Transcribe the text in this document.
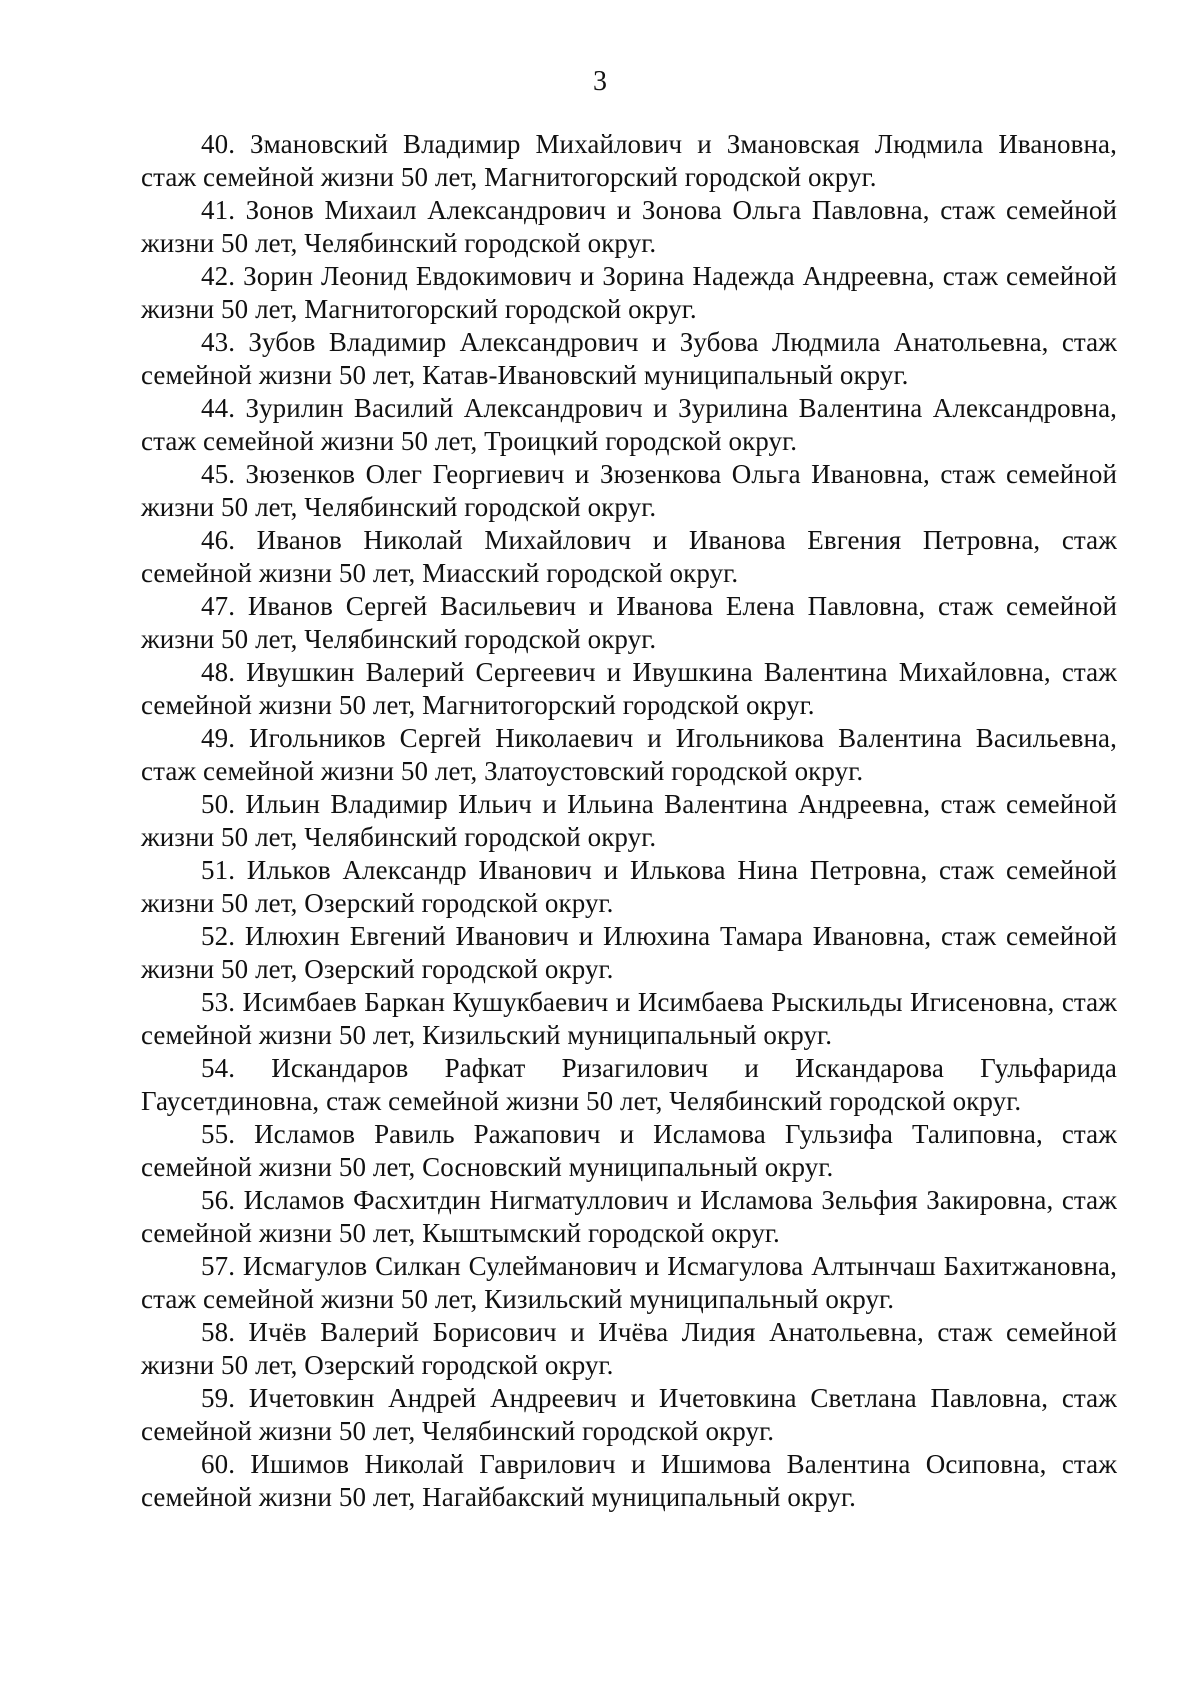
3

40. Змановский Владимир Михайлович и Змановская Людмила Ивановна, стаж семейной жизни 50 лет, Магнитогорский городской округ.

41. Зонов Михаил Александрович и Зонова Ольга Павловна, стаж семейной жизни 50 лет, Челябинский городской округ.

42. Зорин Леонид Евдокимович и Зорина Надежда Андреевна, стаж семейной жизни 50 лет, Магнитогорский городской округ.

43. Зубов Владимир Александрович и Зубова Людмила Анатольевна, стаж семейной жизни 50 лет, Катав-Ивановский муниципальный округ.

44. Зурилин Василий Александрович и Зурилина Валентина Александровна, стаж семейной жизни 50 лет, Троицкий городской округ.

45. Зюзенков Олег Георгиевич и Зюзенкова Ольга Ивановна, стаж семейной жизни 50 лет, Челябинский городской округ.

46. Иванов Николай Михайлович и Иванова Евгения Петровна, стаж семейной жизни 50 лет, Миасский городской округ.

47. Иванов Сергей Васильевич и Иванова Елена Павловна, стаж семейной жизни 50 лет, Челябинский городской округ.

48. Ивушкин Валерий Сергеевич и Ивушкина Валентина Михайловна, стаж семейной жизни 50 лет, Магнитогорский городской округ.

49. Игольников Сергей Николаевич и Игольникова Валентина Васильевна, стаж семейной жизни 50 лет, Златоустовский городской округ.

50. Ильин Владимир Ильич и Ильина Валентина Андреевна, стаж семейной жизни 50 лет, Челябинский городской округ.

51. Ильков Александр Иванович и Илькова Нина Петровна, стаж семейной жизни 50 лет, Озерский городской округ.

52. Илюхин Евгений Иванович и Илюхина Тамара Ивановна, стаж семейной жизни 50 лет, Озерский городской округ.

53. Исимбаев Баркан Кушукбаевич и Исимбаева Рыскильды Игисеновна, стаж семейной жизни 50 лет, Кизильский муниципальный округ.

54. Искандаров Рафкат Ризагилович и Искандарова Гульфарида Гаусетдиновна, стаж семейной жизни 50 лет, Челябинский городской округ.

55. Исламов Равиль Ражапович и Исламова Гульзифа Талиповна, стаж семейной жизни 50 лет, Сосновский муниципальный округ.

56. Исламов Фасхитдин Нигматуллович и Исламова Зельфия Закировна, стаж семейной жизни 50 лет, Кыштымский городской округ.

57. Исмагулов Силкан Сулейманович и Исмагулова Алтынчаш Бахитжановна, стаж семейной жизни 50 лет, Кизильский муниципальный округ.

58. Ичёв Валерий Борисович и Ичёва Лидия Анатольевна, стаж семейной жизни 50 лет, Озерский городской округ.

59. Ичетовкин Андрей Андреевич и Ичетовкина Светлана Павловна, стаж семейной жизни 50 лет, Челябинский городской округ.

60. Ишимов Николай Гаврилович и Ишимова Валентина Осиповна, стаж семейной жизни 50 лет, Нагайбакский муниципальный округ.
